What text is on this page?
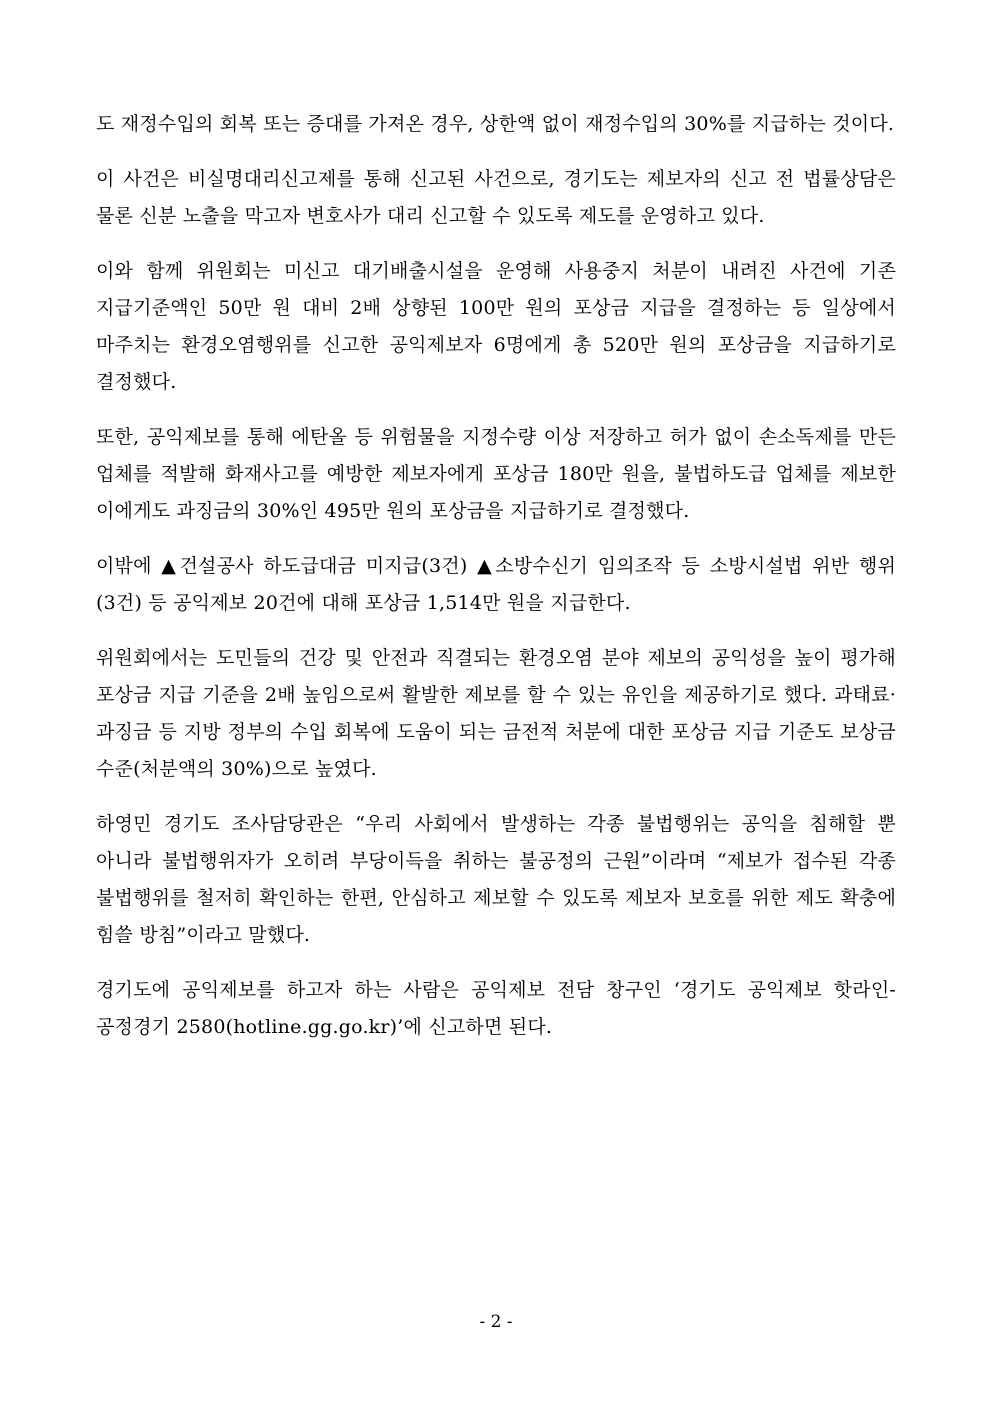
도 재정수입의 회복 또는 증대를 가져온 경우, 상한액 없이 재정수입의 30%를 지급하는 것이다.

이 사건은 비실명대리신고제를 통해 신고된 사건으로, 경기도는 제보자의 신고 전 법률상담은 물론 신분 노출을 막고자 변호사가 대리 신고할 수 있도록 제도를 운영하고 있다.

이와 함께 위원회는 미신고 대기배출시설을 운영해 사용중지 처분이 내려진 사건에 기존 지급기준액인 50만 원 대비 2배 상향된 100만 원의 포상금 지급을 결정하는 등 일상에서 마주치는 환경오염행위를 신고한 공익제보자 6명에게 총 520만 원의 포상금을 지급하기로 결정했다.

또한, 공익제보를 통해 에탄올 등 위험물을 지정수량 이상 저장하고 허가 없이 손소독제를 만든 업체를 적발해 화재사고를 예방한 제보자에게 포상금 180만 원을, 불법하도급 업체를 제보한 이에게도 과징금의 30%인 495만 원의 포상금을 지급하기로 결정했다.

이밖에 ▲건설공사 하도급대금 미지급(3건) ▲소방수신기 임의조작 등 소방시설법 위반 행위(3건) 등 공익제보 20건에 대해 포상금 1,514만 원을 지급한다.

위원회에서는 도민들의 건강 및 안전과 직결되는 환경오염 분야 제보의 공익성을 높이 평가해 포상금 지급 기준을 2배 높임으로써 활발한 제보를 할 수 있는 유인을 제공하기로 했다. 과태료·과징금 등 지방 정부의 수입 회복에 도움이 되는 금전적 처분에 대한 포상금 지급 기준도 보상금 수준(처분액의 30%)으로 높였다.

하영민 경기도 조사담당관은 “우리 사회에서 발생하는 각종 불법행위는 공익을 침해할 뿐 아니라 불법행위자가 오히려 부당이득을 취하는 불공정의 근원”이라며 “제보가 접수된 각종 불법행위를 철저히 확인하는 한편, 안심하고 제보할 수 있도록 제보자 보호를 위한 제도 확충에 힘쓸 방침”이라고 말했다.

경기도에 공익제보를 하고자 하는 사람은 공익제보 전담 창구인 ‘경기도 공익제보 핫라인-공정경기 2580(hotline.gg.go.kr)’에 신고하면 된다.

- 2 -
